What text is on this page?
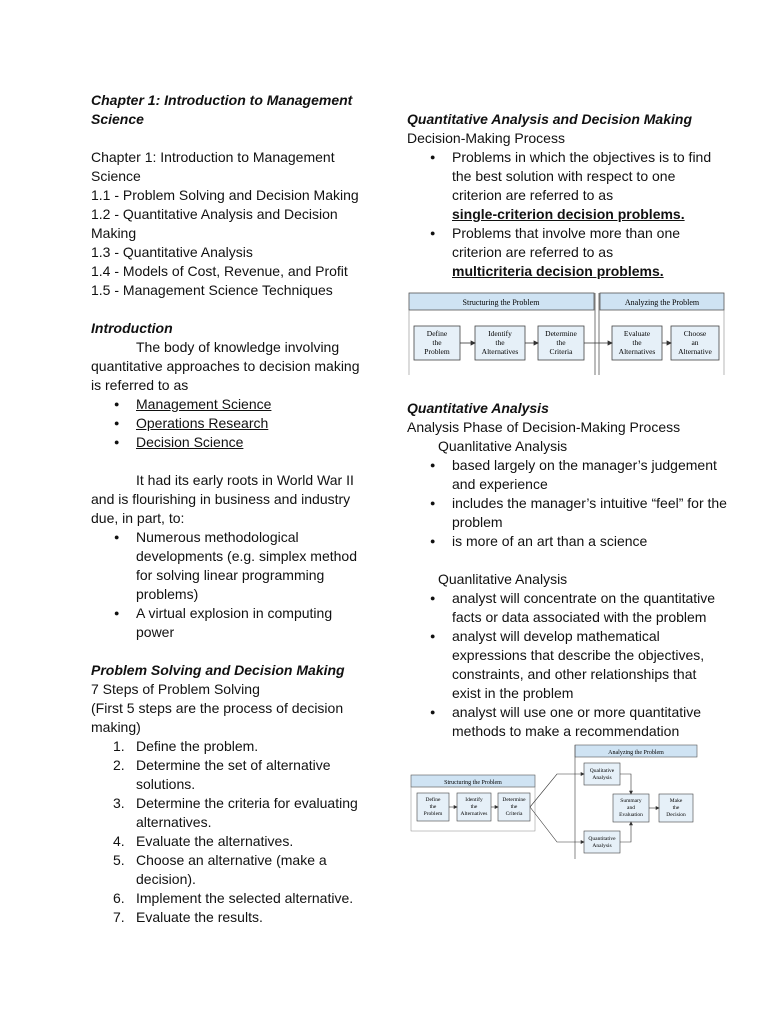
Chapter 1: Introduction to Management Science

Chapter 1: Introduction to Management Science

1.1 - Problem Solving and Decision Making

1.2 - Quantitative Analysis and Decision Making

1.3 - Quantitative Analysis

1.4 - Models of Cost, Revenue, and Profit

1.5 - Management Science Techniques

Introduction

The body of knowledge involving quantitative approaches to decision making is referred to as

● Management Science
● Operations Research
● Decision Science

It had its early roots in World War II and is flourishing in business and industry due, in part, to:

● Numerous methodological developments (e.g. simplex method for solving linear programming problems)
● A virtual explosion in computing power

Problem Solving and Decision Making

7 Steps of Problem Solving

(First 5 steps are the process of decision making)

1. Define the problem.
2. Determine the set of alternative solutions.
3. Determine the criteria for evaluating alternatives.
4. Evaluate the alternatives.
5. Choose an alternative (make a decision).
6. Implement the selected alternative.
7. Evaluate the results.

Quantitative Analysis and Decision Making

Decision-Making Process

● Problems in which the objectives is to find the best solution with respect to one criterion are referred to as
single-criterion decision problems.
● Problems that involve more than one criterion are referred to as
multicriteria decision problems.
Structuring the Problem	Analyzing the Problem
Define
the
Problem
Identify
the
Alternatives
Determine
the
Criteria
Evaluate
the
Alternatives
Choose
an
Alternative

Quantitative Analysis

Analysis Phase of Decision-Making Process

Quanlitative Analysis

● based largely on the manager’s judgement and experience
● includes the manager’s intuitive “feel” for the problem
● is more of an art than a science

Quanlitative Analysis

● analyst will concentrate on the quantitative facts or data associated with the problem
● analyst will develop mathematical expressions that describe the objectives, constraints, and other relationships that exist in the problem
● analyst will use one or more quantitative methods to make a recommendation
Analyzing the Problem
Structuring the Problem
Define
the
Problem
Identify
the
Alternatives
Determine
the
Criteria
Qualitative
Analysis
Quantitative
Analysis
Summary
and
Evaluation
Make
the
Decision
